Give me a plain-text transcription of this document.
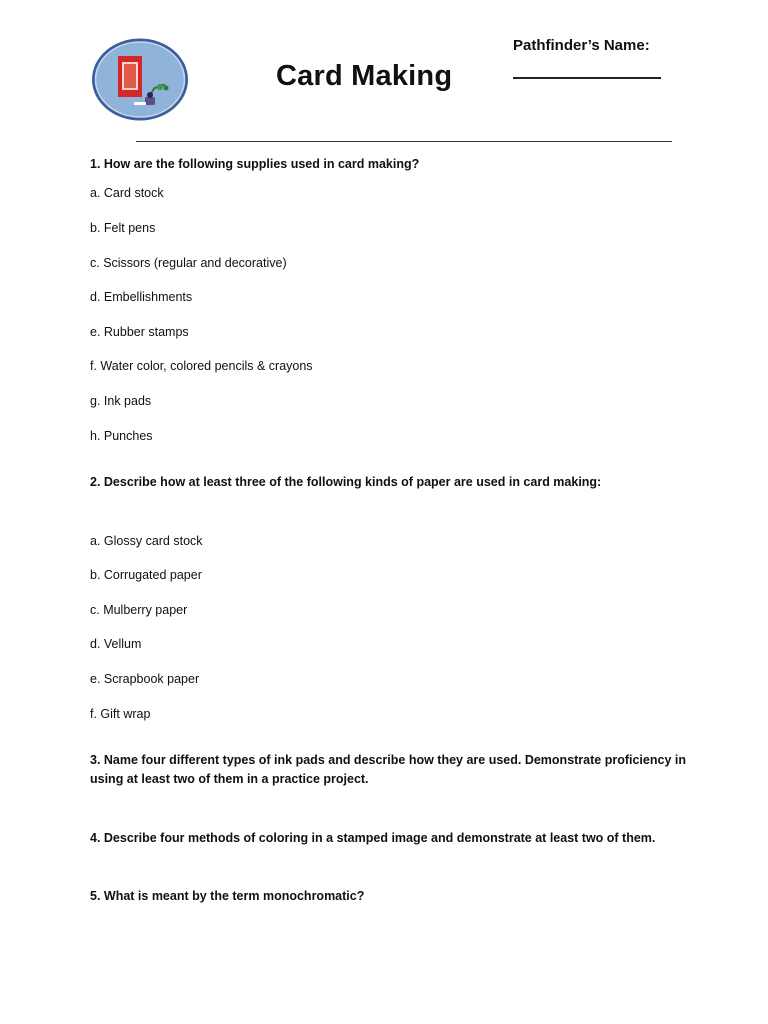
Card Making
Pathfinder’s Name:
1. How are the following supplies used in card making?
a. Card stock
b. Felt pens
c. Scissors (regular and decorative)
d. Embellishments
e. Rubber stamps
f. Water color, colored pencils & crayons
g. Ink pads
h. Punches
2. Describe how at least three of the following kinds of paper are used in card making:
a. Glossy card stock
b. Corrugated paper
c. Mulberry paper
d. Vellum
e. Scrapbook paper
f. Gift wrap
3. Name four different types of ink pads and describe how they are used. Demonstrate proficiency in
using at least two of them in a practice project.
4. Describe four methods of coloring in a stamped image and demonstrate at least two of them.
5. What is meant by the term monochromatic?
